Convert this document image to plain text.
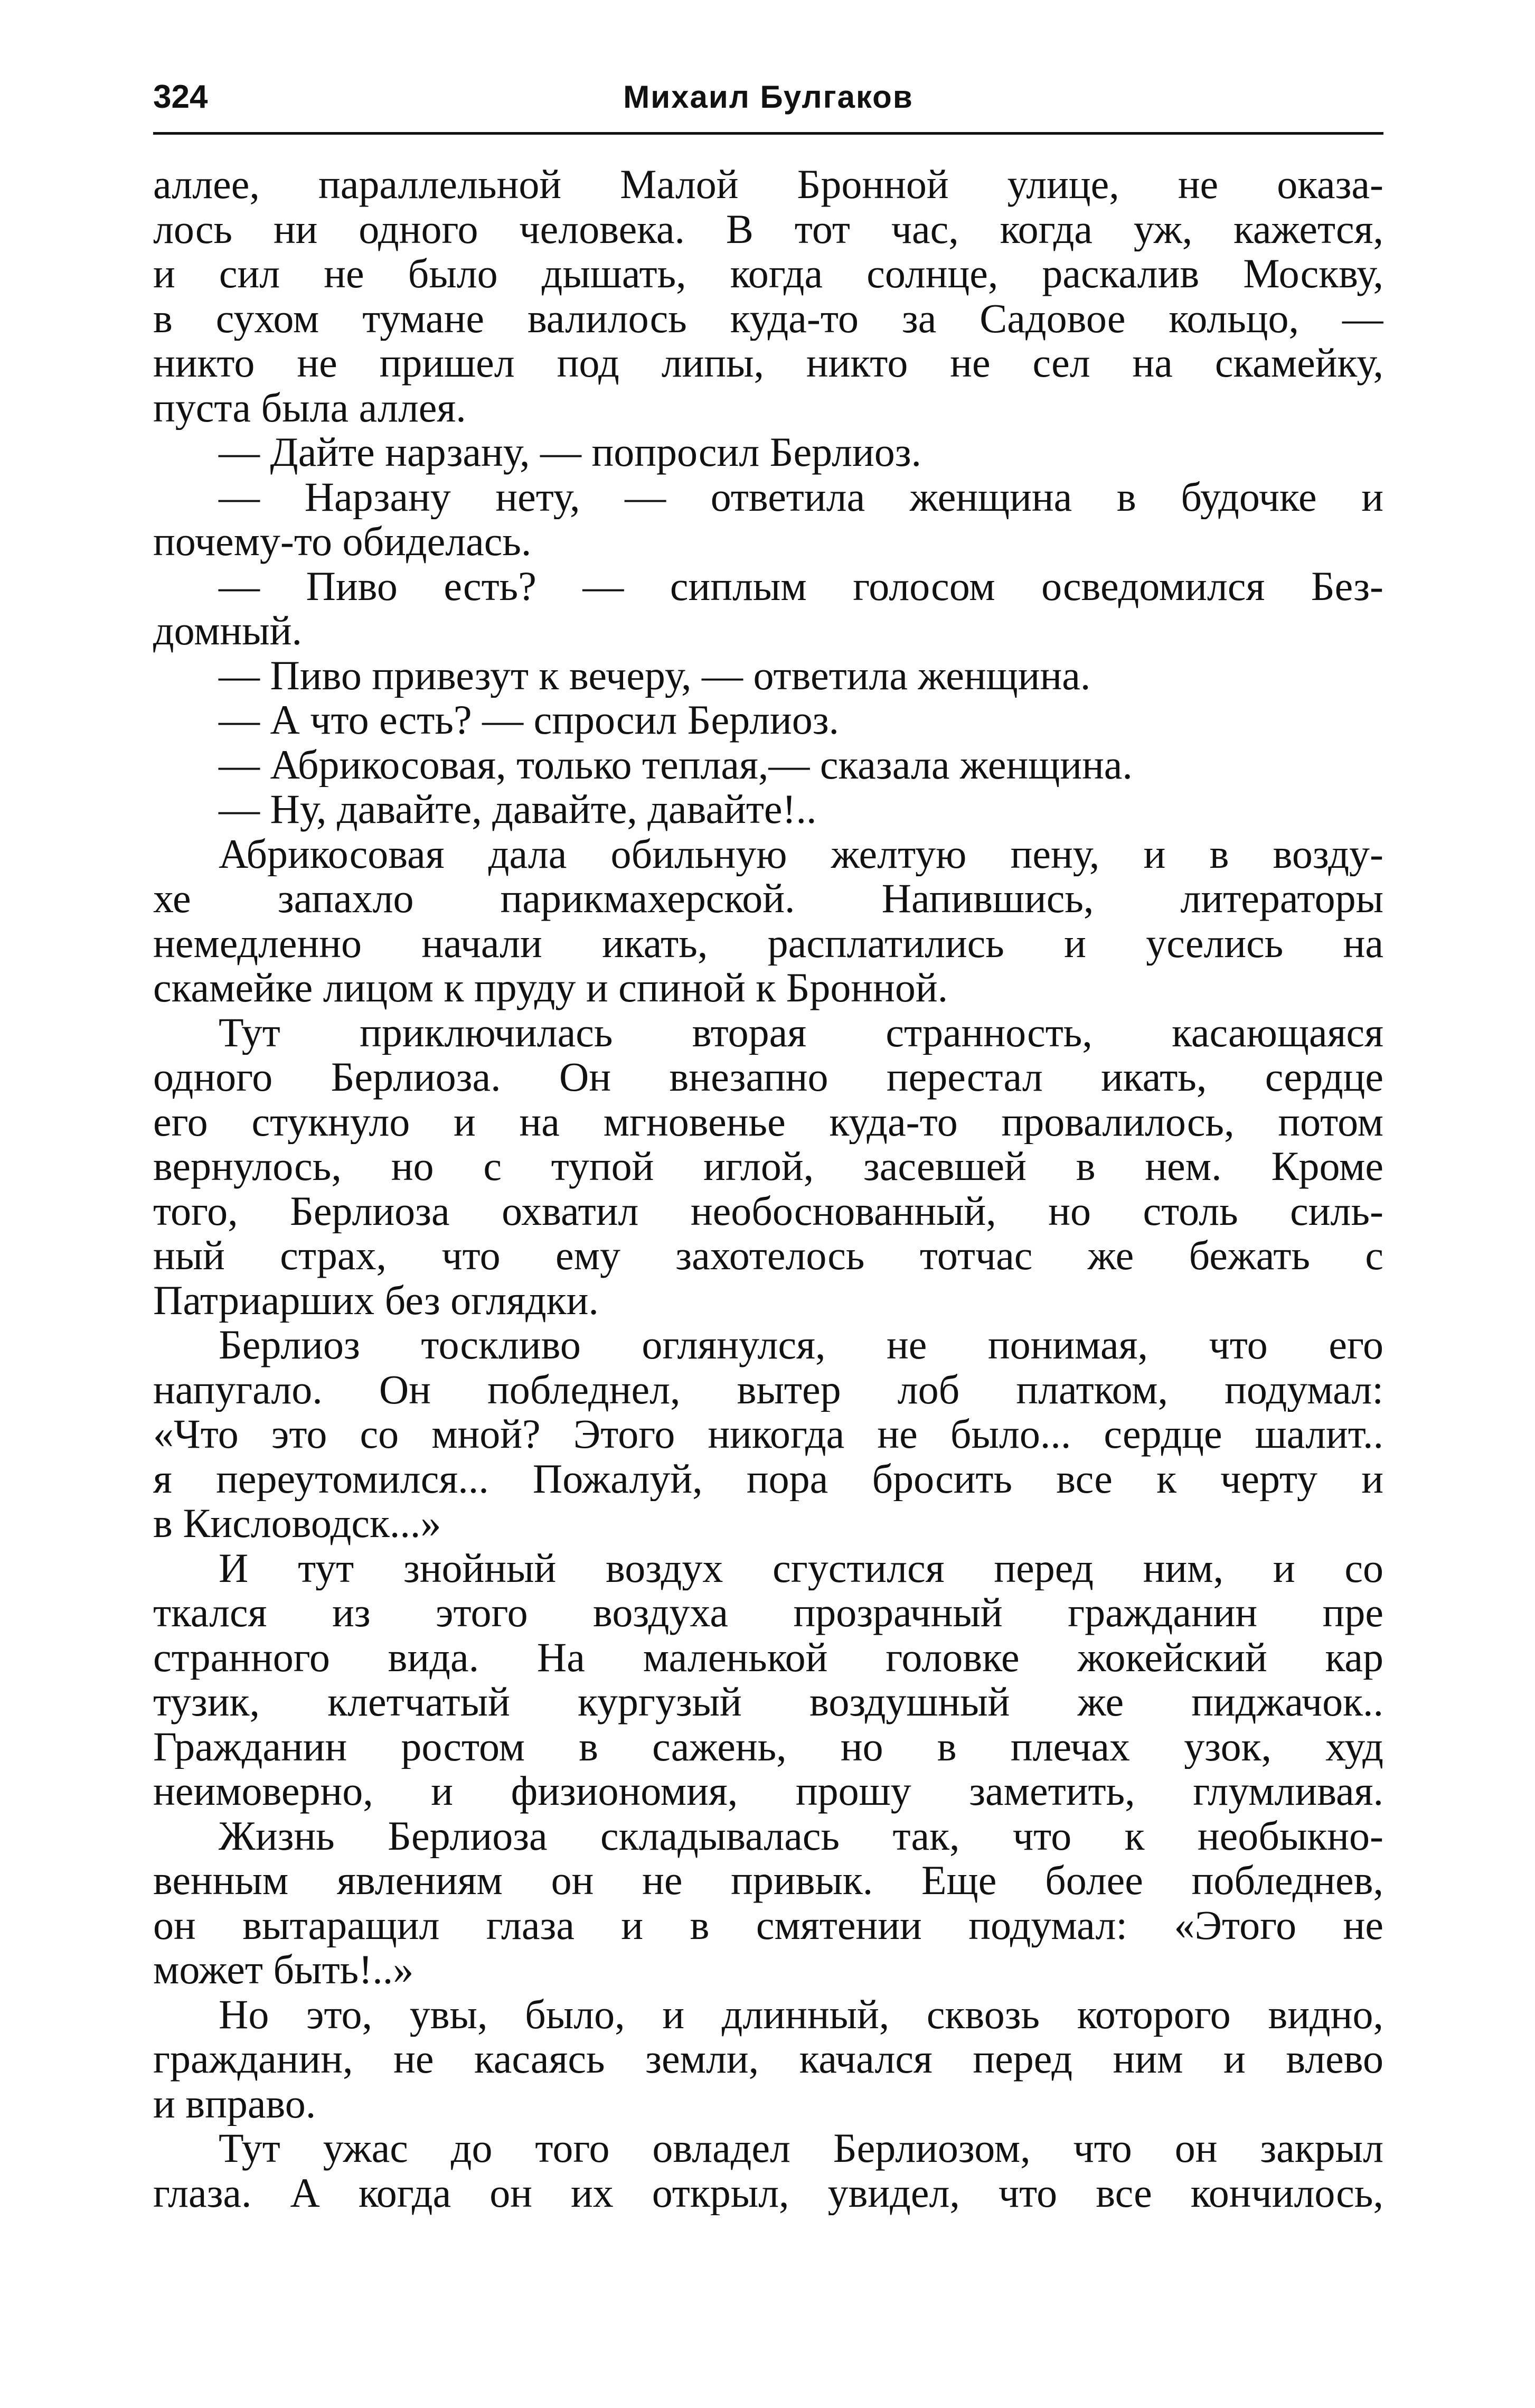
324	Михаил Булгаков
аллее, параллельной Малой Бронной улице, не оказа-
лось ни одного человека. В тот час, когда уж, кажется,
и сил не было дышать, когда солнце, раскалив Москву,
в сухом тумане валилось куда-то за Садовое кольцо, —
никто не пришел под липы, никто не сел на скамейку,
пуста была аллея.
— Дайте нарзану, — попросил Берлиоз.
— Нарзану нету, — ответила женщина в будочке и
почему-то обиделась.
— Пиво есть? — сиплым голосом осведомился Без-
домный.
— Пиво привезут к вечеру, — ответила женщина.
— А что есть? — спросил Берлиоз.
— Абрикосовая, только теплая,— сказала женщина.
— Ну, давайте, давайте, давайте!..
Абрикосовая дала обильную желтую пену, и в возду-
хе запахло парикмахерской. Напившись, литераторы
немедленно начали икать, расплатились и уселись на
скамейке лицом к пруду и спиной к Бронной.
Тут приключилась вторая странность, касающаяся
одного Берлиоза. Он внезапно перестал икать, сердце
его стукнуло и на мгновенье куда-то провалилось, потом
вернулось, но с тупой иглой, засевшей в нем. Кроме
того, Берлиоза охватил необоснованный, но столь силь-
ный страх, что ему захотелось тотчас же бежать с
Патриарших без оглядки.
Берлиоз тоскливо оглянулся, не понимая, что его
напугало. Он побледнел, вытер лоб платком, подумал:
«Что это со мной? Этого никогда не было... сердце шалит..
я переутомился... Пожалуй, пора бросить все к черту и
в Кисловодск...»
И тут знойный воздух сгустился перед ним, и со
ткался из этого воздуха прозрачный гражданин пре
странного вида. На маленькой головке жокейский кар
тузик, клетчатый кургузый воздушный же пиджачок..
Гражданин ростом в сажень, но в плечах узок, худ
неимоверно, и физиономия, прошу заметить, глумливая.
Жизнь Берлиоза складывалась так, что к необыкно-
венным явлениям он не привык. Еще более побледнев,
он вытаращил глаза и в смятении подумал: «Этого не
может быть!..»
Но это, увы, было, и длинный, сквозь которого видно,
гражданин, не касаясь земли, качался перед ним и влево
и вправо.
Тут ужас до того овладел Берлиозом, что он закрыл
глаза. А когда он их открыл, увидел, что все кончилось,
